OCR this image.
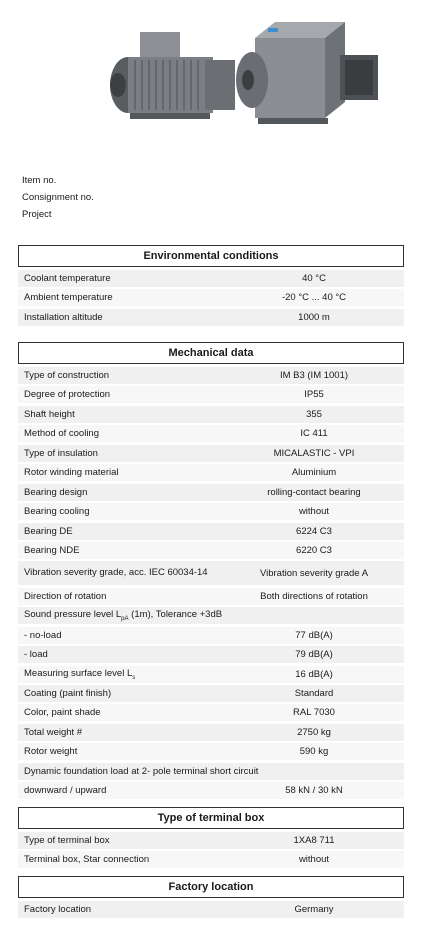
Item no.
Consignment no.
Project
Environmental conditions
Coolant temperature	40 °C
Ambient temperature	-20 °C ... 40 °C
Installation altitude	1000 m
Mechanical data
Type of construction	IM B3 (IM 1001)
Degree of protection	IP55
Shaft height	355
Method of cooling	IC 411
Type of insulation	MICALASTIC - VPI
Rotor winding material	Aluminium
Bearing design	rolling-contact bearing
Bearing cooling	without
Bearing DE	6224 C3
Bearing NDE	6220 C3
Vibration severity grade, acc. IEC 60034-14	Vibration severity grade A
Direction of rotation	Both directions of rotation
Sound pressure level $L_{pA}$ (1m), Tolerance +3dB
- no-load	77 dB(A)
- load	79 dB(A)
Measuring surface level $L_s$	16 dB(A)
Coating (paint finish)	Standard
Color, paint shade	RAL 7030
Total weight #	2750 kg
Rotor weight	590 kg
Dynamic foundation load at 2- pole terminal short circuit
downward / upward	58 kN / 30 kN
Type of terminal box
Type of terminal box	1XA8 711
Terminal box, Star connection	without
Factory location
Factory location	Germany
